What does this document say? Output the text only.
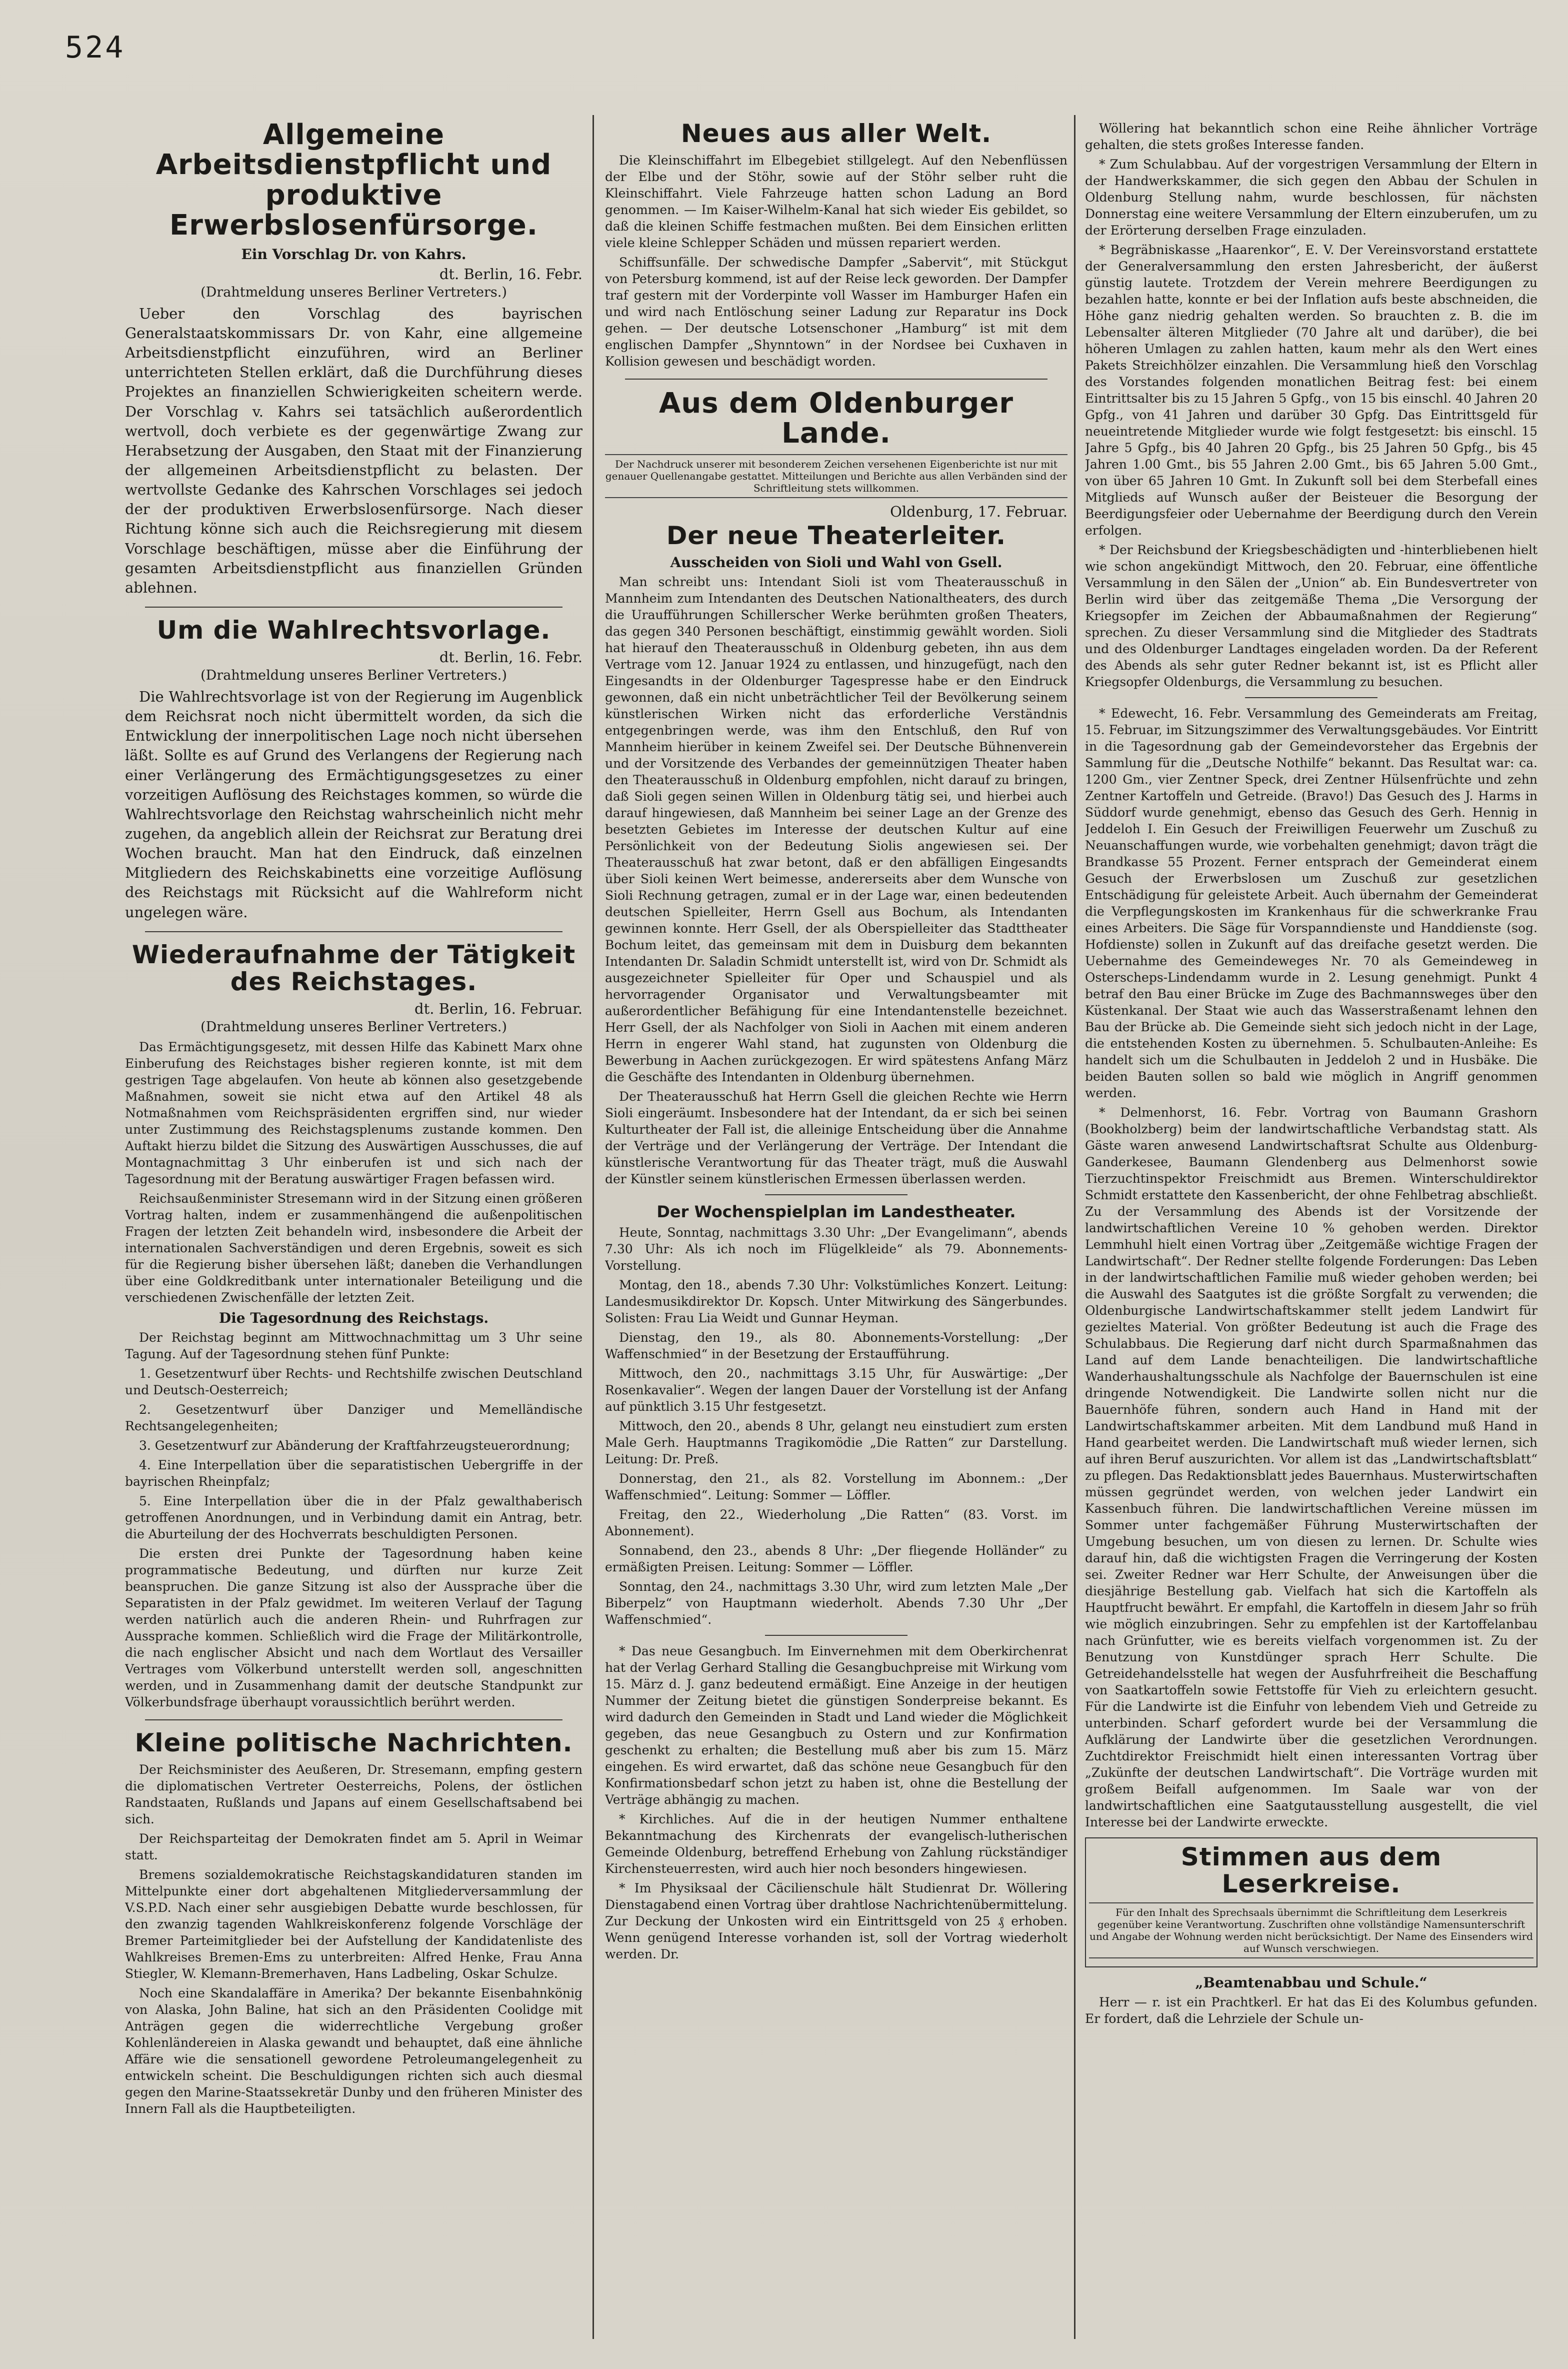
524
Allgemeine Arbeitsdienstpflicht und produktive Erwerbslosenfürsorge.
Ein Vorschlag Dr. von Kahrs.
dt. Berlin, 16. Febr.
(Drahtmeldung unseres Berliner Vertreters.)

Ueber den Vorschlag des bayrischen Generalstaatskommissars Dr. von Kahr, eine allgemeine Arbeitsdienstpflicht einzuführen, wird an Berliner unterrichteten Stellen erklärt, daß die Durchführung dieses Projektes an finanziellen Schwierigkeiten scheitern werde. Der Vorschlag v. Kahrs sei tatsächlich außerordentlich wertvoll, doch verbiete es der gegenwärtige Zwang zur Herabsetzung der Ausgaben, den Staat mit der Finanzierung der allgemeinen Arbeitsdienstpflicht zu belasten. Der wertvollste Gedanke des Kahrschen Vorschlages sei jedoch der der produktiven Erwerbslosenfürsorge. Nach dieser Richtung könne sich auch die Reichsregierung mit diesem Vorschlage beschäftigen, müsse aber die Einführung der gesamten Arbeitsdienstpflicht aus finanziellen Gründen ablehnen.

Um die Wahlrechtsvorlage.
dt. Berlin, 16. Febr.
(Drahtmeldung unseres Berliner Vertreters.)

Die Wahlrechtsvorlage ist von der Regierung im Augenblick dem Reichsrat noch nicht übermittelt worden, da sich die Entwicklung der innerpolitischen Lage noch nicht übersehen läßt. Sollte es auf Grund des Verlangens der Regierung nach einer Verlängerung des Ermächtigungsgesetzes zu einer vorzeitigen Auflösung des Reichstages kommen, so würde die Wahlrechtsvorlage den Reichstag wahrscheinlich nicht mehr zugehen, da angeblich allein der Reichsrat zur Beratung drei Wochen braucht. Man hat den Eindruck, daß einzelnen Mitgliedern des Reichskabinetts eine vorzeitige Auflösung des Reichstags mit Rücksicht auf die Wahlreform nicht ungelegen wäre.

Wiederaufnahme der Tätigkeit des Reichstages.
dt. Berlin, 16. Februar.
(Drahtmeldung unseres Berliner Vertreters.)

Das Ermächtigungsgesetz, mit dessen Hilfe das Kabinett Marx ohne Einberufung des Reichstages bisher regieren konnte, ist mit dem gestrigen Tage abgelaufen. Von heute ab können also gesetzgebende Maßnahmen, soweit sie nicht etwa auf den Artikel 48 als Notmaßnahmen vom Reichspräsidenten ergriffen sind, nur wieder unter Zustimmung des Reichstagsplenums zustande kommen. Den Auftakt hierzu bildet die Sitzung des Auswärtigen Ausschusses, die auf Montagnachmittag 3 Uhr einberufen ist und sich nach der Tagesordnung mit der Beratung auswärtiger Fragen befassen wird.

Reichsaußenminister Stresemann wird in der Sitzung einen größeren Vortrag halten, indem er zusammenhängend die außenpolitischen Fragen der letzten Zeit behandeln wird, insbesondere die Arbeit der internationalen Sachverständigen und deren Ergebnis, soweit es sich für die Regierung bisher übersehen läßt; daneben die Verhandlungen über eine Goldkreditbank unter internationaler Beteiligung und die verschiedenen Zwischenfälle der letzten Zeit.

Die Tagesordnung des Reichstags.

Der Reichstag beginnt am Mittwochnachmittag um 3 Uhr seine Tagung. Auf der Tagesordnung stehen fünf Punkte:

1. Gesetzentwurf über Rechts- und Rechtshilfe zwischen Deutschland und Deutsch-Oesterreich;

2. Gesetzentwurf über Danziger und Memelländische Rechtsangelegenheiten;

3. Gesetzentwurf zur Abänderung der Kraftfahrzeugsteuerordnung;

4. Eine Interpellation über die separatistischen Uebergriffe in der bayrischen Rheinpfalz;

5. Eine Interpellation über die in der Pfalz gewalthaberisch getroffenen Anordnungen, und in Verbindung damit ein Antrag, betr. die Aburteilung der des Hochverrats beschuldigten Personen.

Die ersten drei Punkte der Tagesordnung haben keine programmatische Bedeutung, und dürften nur kurze Zeit beanspruchen. Die ganze Sitzung ist also der Aussprache über die Separatisten in der Pfalz gewidmet. Im weiteren Verlauf der Tagung werden natürlich auch die anderen Rhein- und Ruhrfragen zur Aussprache kommen. Schließlich wird die Frage der Militärkontrolle, die nach englischer Absicht und nach dem Wortlaut des Versailler Vertrages vom Völkerbund unterstellt werden soll, angeschnitten werden, und in Zusammenhang damit der deutsche Standpunkt zur Völkerbundsfrage überhaupt voraussichtlich berührt werden.

Kleine politische Nachrichten.

Der Reichsminister des Aeußeren, Dr. Stresemann, empfing gestern die diplomatischen Vertreter Oesterreichs, Polens, der östlichen Randstaaten, Rußlands und Japans auf einem Gesellschaftsabend bei sich.

Der Reichsparteitag der Demokraten findet am 5. April in Weimar statt.

Bremens sozialdemokratische Reichstagskandidaturen standen im Mittelpunkte einer dort abgehaltenen Mitgliederversammlung der V.S.P.D. Nach einer sehr ausgiebigen Debatte wurde beschlossen, für den zwanzig tagenden Wahlkreiskonferenz folgende Vorschläge der Bremer Parteimitglieder bei der Aufstellung der Kandidatenliste des Wahlkreises Bremen-Ems zu unterbreiten: Alfred Henke, Frau Anna Stiegler, W. Klemann-Bremerhaven, Hans Ladbeling, Oskar Schulze.

Noch eine Skandalaffäre in Amerika? Der bekannte Eisenbahnkönig von Alaska, John Baline, hat sich an den Präsidenten Coolidge mit Anträgen gegen die widerrechtliche Vergebung großer Kohlenländereien in Alaska gewandt und behauptet, daß eine ähnliche Affäre wie die sensationell gewordene Petroleumangelegenheit zu entwickeln scheint. Die Beschuldigungen richten sich auch diesmal gegen den Marine-Staatssekretär Dunby und den früheren Minister des Innern Fall als die Hauptbeteiligten.

Neues aus aller Welt.

Die Kleinschiffahrt im Elbegebiet stillgelegt. Auf den Nebenflüssen der Elbe und der Stöhr, sowie auf der Stöhr selber ruht die Kleinschiffahrt. Viele Fahrzeuge hatten schon Ladung an Bord genommen. — Im Kaiser-Wilhelm-Kanal hat sich wieder Eis gebildet, so daß die kleinen Schiffe festmachen mußten. Bei dem Einsichen erlitten viele kleine Schlepper Schäden und müssen repariert werden.

Schiffsunfälle. Der schwedische Dampfer „Sabervit“, mit Stückgut von Petersburg kommend, ist auf der Reise leck geworden. Der Dampfer traf gestern mit der Vorderpinte voll Wasser im Hamburger Hafen ein und wird nach Entlöschung seiner Ladung zur Reparatur ins Dock gehen. — Der deutsche Lotsenschoner „Hamburg“ ist mit dem englischen Dampfer „Shynntown“ in der Nordsee bei Cuxhaven in Kollision gewesen und beschädigt worden.

Aus dem Oldenburger Lande.
Der Nachdruck unserer mit besonderem Zeichen versehenen Eigenberichte ist nur mit genauer Quellenangabe gestattet. Mitteilungen und Berichte aus allen Verbänden sind der Schriftleitung stets willkommen.
Oldenburg, 17. Februar.
Der neue Theaterleiter.
Ausscheiden von Sioli und Wahl von Gsell.

Man schreibt uns: Intendant Sioli ist vom Theaterausschuß in Mannheim zum Intendanten des Deutschen Nationaltheaters, des durch die Uraufführungen Schillerscher Werke berühmten großen Theaters, das gegen 340 Personen beschäftigt, einstimmig gewählt worden. Sioli hat hierauf den Theaterausschuß in Oldenburg gebeten, ihn aus dem Vertrage vom 12. Januar 1924 zu entlassen, und hinzugefügt, nach den Eingesandts in der Oldenburger Tagespresse habe er den Eindruck gewonnen, daß ein nicht unbeträchtlicher Teil der Bevölkerung seinem künstlerischen Wirken nicht das erforderliche Verständnis entgegenbringen werde, was ihm den Entschluß, den Ruf von Mannheim hierüber in keinem Zweifel sei. Der Deutsche Bühnenverein und der Vorsitzende des Verbandes der gemeinnützigen Theater haben den Theaterausschuß in Oldenburg empfohlen, nicht darauf zu bringen, daß Sioli gegen seinen Willen in Oldenburg tätig sei, und hierbei auch darauf hingewiesen, daß Mannheim bei seiner Lage an der Grenze des besetzten Gebietes im Interesse der deutschen Kultur auf eine Persönlichkeit von der Bedeutung Siolis angewiesen sei. Der Theaterausschuß hat zwar betont, daß er den abfälligen Eingesandts über Sioli keinen Wert beimesse, andererseits aber dem Wunsche von Sioli Rechnung getragen, zumal er in der Lage war, einen bedeutenden deutschen Spielleiter, Herrn Gsell aus Bochum, als Intendanten gewinnen konnte. Herr Gsell, der als Oberspielleiter das Stadttheater Bochum leitet, das gemeinsam mit dem in Duisburg dem bekannten Intendanten Dr. Saladin Schmidt unterstellt ist, wird von Dr. Schmidt als ausgezeichneter Spielleiter für Oper und Schauspiel und als hervorragender Organisator und Verwaltungsbeamter mit außerordentlicher Befähigung für eine Intendantenstelle bezeichnet. Herr Gsell, der als Nachfolger von Sioli in Aachen mit einem anderen Herrn in engerer Wahl stand, hat zugunsten von Oldenburg die Bewerbung in Aachen zurückgezogen. Er wird spätestens Anfang März die Geschäfte des Intendanten in Oldenburg übernehmen.

Der Theaterausschuß hat Herrn Gsell die gleichen Rechte wie Herrn Sioli eingeräumt. Insbesondere hat der Intendant, da er sich bei seinen Kulturtheater der Fall ist, die alleinige Entscheidung über die Annahme der Verträge und der Verlängerung der Verträge. Der Intendant die künstlerische Verantwortung für das Theater trägt, muß die Auswahl der Künstler seinem künstlerischen Ermessen überlassen werden.

Der Wochenspielplan im Landestheater.

Heute, Sonntag, nachmittags 3.30 Uhr: „Der Evangelimann“, abends 7.30 Uhr: Als ich noch im Flügelkleide“ als 79. Abonnements-Vorstellung.

Montag, den 18., abends 7.30 Uhr: Volkstümliches Konzert. Leitung: Landesmusikdirektor Dr. Kopsch. Unter Mitwirkung des Sängerbundes. Solisten: Frau Lia Weidt und Gunnar Heyman.

Dienstag, den 19., als 80. Abonnements-Vorstellung: „Der Waffenschmied“ in der Besetzung der Erstaufführung.

Mittwoch, den 20., nachmittags 3.15 Uhr, für Auswärtige: „Der Rosenkavalier“. Wegen der langen Dauer der Vorstellung ist der Anfang auf pünktlich 3.15 Uhr festgesetzt.

Mittwoch, den 20., abends 8 Uhr, gelangt neu einstudiert zum ersten Male Gerh. Hauptmanns Tragikomödie „Die Ratten“ zur Darstellung. Leitung: Dr. Preß.

Donnerstag, den 21., als 82. Vorstellung im Abonnem.: „Der Waffenschmied“. Leitung: Sommer — Löffler.

Freitag, den 22., Wiederholung „Die Ratten“ (83. Vorst. im Abonnement).

Sonnabend, den 23., abends 8 Uhr: „Der fliegende Holländer“ zu ermäßigten Preisen. Leitung: Sommer — Löffler.

Sonntag, den 24., nachmittags 3.30 Uhr, wird zum letzten Male „Der Biberpelz“ von Hauptmann wiederholt. Abends 7.30 Uhr „Der Waffenschmied“.

* Das neue Gesangbuch. Im Einvernehmen mit dem Oberkirchenrat hat der Verlag Gerhard Stalling die Gesangbuchpreise mit Wirkung vom 15. März d. J. ganz bedeutend ermäßigt. Eine Anzeige in der heutigen Nummer der Zeitung bietet die günstigen Sonderpreise bekannt. Es wird dadurch den Gemeinden in Stadt und Land wieder die Möglichkeit gegeben, das neue Gesangbuch zu Ostern und zur Konfirmation geschenkt zu erhalten; die Bestellung muß aber bis zum 15. März eingehen. Es wird erwartet, daß das schöne neue Gesangbuch für den Konfirmationsbedarf schon jetzt zu haben ist, ohne die Bestellung der Verträge abhängig zu machen.

* Kirchliches. Auf die in der heutigen Nummer enthaltene Bekanntmachung des Kirchenrats der evangelisch-lutherischen Gemeinde Oldenburg, betreffend Erhebung von Zahlung rückständiger Kirchensteuerresten, wird auch hier noch besonders hingewiesen.

* Im Physiksaal der Cäcilienschule hält Studienrat Dr. Wöllering Dienstagabend einen Vortrag über drahtlose Nachrichtenübermittelung. Zur Deckung der Unkosten wird ein Eintrittsgeld von 25 ₰ erhoben. Wenn genügend Interesse vorhanden ist, soll der Vortrag wiederholt werden. Dr.

Wöllering hat bekanntlich schon eine Reihe ähnlicher Vorträge gehalten, die stets großes Interesse fanden.

* Zum Schulabbau. Auf der vorgestrigen Versammlung der Eltern in der Handwerkskammer, die sich gegen den Abbau der Schulen in Oldenburg Stellung nahm, wurde beschlossen, für nächsten Donnerstag eine weitere Versammlung der Eltern einzuberufen, um zu der Erörterung derselben Frage einzuladen.

* Begräbniskasse „Haarenkor“, E. V. Der Vereinsvorstand erstattete der Generalversammlung den ersten Jahresbericht, der äußerst günstig lautete. Trotzdem der Verein mehrere Beerdigungen zu bezahlen hatte, konnte er bei der Inflation aufs beste abschneiden, die Höhe ganz niedrig gehalten werden. So brauchten z. B. die im Lebensalter älteren Mitglieder (70 Jahre alt und darüber), die bei höheren Umlagen zu zahlen hatten, kaum mehr als den Wert eines Pakets Streichhölzer einzahlen. Die Versammlung hieß den Vorschlag des Vorstandes folgenden monatlichen Beitrag fest: bei einem Eintrittsalter bis zu 15 Jahren 5 Gpfg., von 15 bis einschl. 40 Jahren 20 Gpfg., von 41 Jahren und darüber 30 Gpfg. Das Eintrittsgeld für neueintretende Mitglieder wurde wie folgt festgesetzt: bis einschl. 15 Jahre 5 Gpfg., bis 40 Jahren 20 Gpfg., bis 25 Jahren 50 Gpfg., bis 45 Jahren 1.00 Gmt., bis 55 Jahren 2.00 Gmt., bis 65 Jahren 5.00 Gmt., von über 65 Jahren 10 Gmt. In Zukunft soll bei dem Sterbefall eines Mitglieds auf Wunsch außer der Beisteuer die Besorgung der Beerdigungsfeier oder Uebernahme der Beerdigung durch den Verein erfolgen.

* Der Reichsbund der Kriegsbeschädigten und -hinterbliebenen hielt wie schon angekündigt Mittwoch, den 20. Februar, eine öffentliche Versammlung in den Sälen der „Union“ ab. Ein Bundesvertreter von Berlin wird über das zeitgemäße Thema „Die Versorgung der Kriegsopfer im Zeichen der Abbaumaßnahmen der Regierung“ sprechen. Zu dieser Versammlung sind die Mitglieder des Stadtrats und des Oldenburger Landtages eingeladen worden. Da der Referent des Abends als sehr guter Redner bekannt ist, ist es Pflicht aller Kriegsopfer Oldenburgs, die Versammlung zu besuchen.

* Edewecht, 16. Febr. Versammlung des Gemeinderats am Freitag, 15. Februar, im Sitzungszimmer des Verwaltungsgebäudes. Vor Eintritt in die Tagesordnung gab der Gemeindevorsteher das Ergebnis der Sammlung für die „Deutsche Nothilfe“ bekannt. Das Resultat war: ca. 1200 Gm., vier Zentner Speck, drei Zentner Hülsenfrüchte und zehn Zentner Kartoffeln und Getreide. (Bravo!) Das Gesuch des J. Harms in Süddorf wurde genehmigt, ebenso das Gesuch des Gerh. Hennig in Jeddeloh I. Ein Gesuch der Freiwilligen Feuerwehr um Zuschuß zu Neuanschaffungen wurde, wie vorbehalten genehmigt; davon trägt die Brandkasse 55 Prozent. Ferner entsprach der Gemeinderat einem Gesuch der Erwerbslosen um Zuschuß zur gesetzlichen Entschädigung für geleistete Arbeit. Auch übernahm der Gemeinderat die Verpflegungskosten im Krankenhaus für die schwerkranke Frau eines Arbeiters. Die Säge für Vorspanndienste und Handdienste (sog. Hofdienste) sollen in Zukunft auf das dreifache gesetzt werden. Die Uebernahme des Gemeindeweges Nr. 70 als Gemeindeweg in Osterscheps-Lindendamm wurde in 2. Lesung genehmigt. Punkt 4 betraf den Bau einer Brücke im Zuge des Bachmannsweges über den Küstenkanal. Der Staat wie auch das Wasserstraßenamt lehnen den Bau der Brücke ab. Die Gemeinde sieht sich jedoch nicht in der Lage, die entstehenden Kosten zu übernehmen. 5. Schulbauten-Anleihe: Es handelt sich um die Schulbauten in Jeddeloh 2 und in Husbäke. Die beiden Bauten sollen so bald wie möglich in Angriff genommen werden.

* Delmenhorst, 16. Febr. Vortrag von Baumann Grashorn (Bookholzberg) beim der landwirtschaftliche Verbandstag statt. Als Gäste waren anwesend Landwirtschaftsrat Schulte aus Oldenburg-Ganderkesee, Baumann Glendenberg aus Delmenhorst sowie Tierzuchtinspektor Freischmidt aus Bremen. Winterschuldirektor Schmidt erstattete den Kassenbericht, der ohne Fehlbetrag abschließt. Zu der Versammlung des Abends ist der Vorsitzende der landwirtschaftlichen Vereine 10 % gehoben werden. Direktor Lemmhuhl hielt einen Vortrag über „Zeitgemäße wichtige Fragen der Landwirtschaft“. Der Redner stellte folgende Forderungen: Das Leben in der landwirtschaftlichen Familie muß wieder gehoben werden; bei die Auswahl des Saatgutes ist die größte Sorgfalt zu verwenden; die Oldenburgische Landwirtschaftskammer stellt jedem Landwirt für gezieltes Material. Von größter Bedeutung ist auch die Frage des Schulabbaus. Die Regierung darf nicht durch Sparmaßnahmen das Land auf dem Lande benachteiligen. Die landwirtschaftliche Wanderhaushaltungsschule als Nachfolge der Bauernschulen ist eine dringende Notwendigkeit. Die Landwirte sollen nicht nur die Bauernhöfe führen, sondern auch Hand in Hand mit der Landwirtschaftskammer arbeiten. Mit dem Landbund muß Hand in Hand gearbeitet werden. Die Landwirtschaft muß wieder lernen, sich auf ihren Beruf auszurichten. Vor allem ist das „Landwirtschaftsblatt“ zu pflegen. Das Redaktionsblatt jedes Bauernhaus. Musterwirtschaften müssen gegründet werden, von welchen jeder Landwirt ein Kassenbuch führen. Die landwirtschaftlichen Vereine müssen im Sommer unter fachgemäßer Führung Musterwirtschaften der Umgebung besuchen, um von diesen zu lernen. Dr. Schulte wies darauf hin, daß die wichtigsten Fragen die Verringerung der Kosten sei. Zweiter Redner war Herr Schulte, der Anweisungen über die diesjährige Bestellung gab. Vielfach hat sich die Kartoffeln als Hauptfrucht bewährt. Er empfahl, die Kartoffeln in diesem Jahr so früh wie möglich einzubringen. Sehr zu empfehlen ist der Kartoffelanbau nach Grünfutter, wie es bereits vielfach vorgenommen ist. Zu der Benutzung von Kunstdünger sprach Herr Schulte. Die Getreidehandelsstelle hat wegen der Ausfuhrfreiheit die Beschaffung von Saatkartoffeln sowie Fettstoffe für Vieh zu erleichtern gesucht. Für die Landwirte ist die Einfuhr von lebendem Vieh und Getreide zu unterbinden. Scharf gefordert wurde bei der Versammlung die Aufklärung der Landwirte über die gesetzlichen Verordnungen. Zuchtdirektor Freischmidt hielt einen interessanten Vortrag über „Zukünfte der deutschen Landwirtschaft“. Die Vorträge wurden mit großem Beifall aufgenommen. Im Saale war von der landwirtschaftlichen eine Saatgutausstellung ausgestellt, die viel Interesse bei der Landwirte erweckte.

Stimmen aus dem Leserkreise.
Für den Inhalt des Sprechsaals übernimmt die Schriftleitung dem Leserkreis gegenüber keine Verantwortung. Zuschriften ohne vollständige Namensunterschrift und Angabe der Wohnung werden nicht berücksichtigt. Der Name des Einsenders wird auf Wunsch verschwiegen.
„Beamtenabbau und Schule.“

Herr — r. ist ein Prachtkerl. Er hat das Ei des Kolumbus gefunden. Er fordert, daß die Lehrziele der Schule un-
